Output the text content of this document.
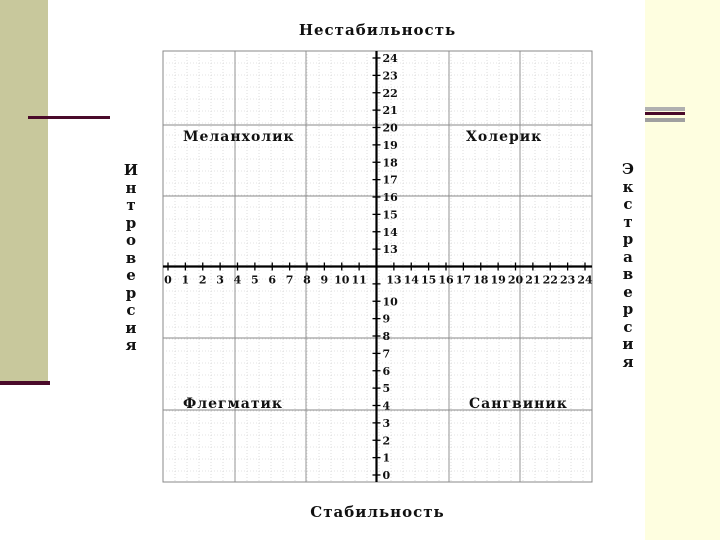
0 1 2 3 4 5 6 7 8 9 10 11 13 14 15 16 17 18 19 20 21 22 23 24
0
1
2
3
4
5
6
7
8
9
10
13
14
15
16
17
18
19
20
21
22
23
24
Нестабильность
Стабильность
И
н
т
р
о
в
е
р
с
и
я
Э
к
с
т
р
а
в
е
р
с
и
я
Меланхолик	Холерик
Флегматик	Сангвиник
